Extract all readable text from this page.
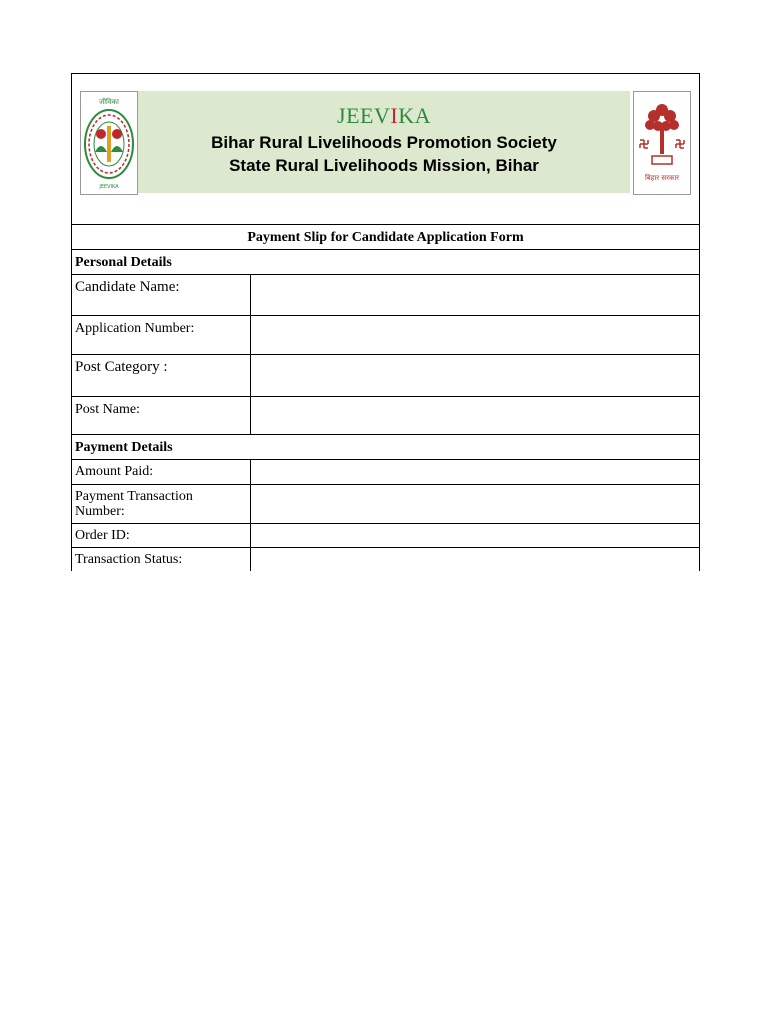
जीविका
JEEVIKA
JEEVIKA
Bihar Rural Livelihoods Promotion Society
State Rural Livelihoods Mission, Bihar
बिहार सरकार
Payment Slip for Candidate Application Form
Personal Details
Candidate Name:
Application Number:
Post Category :
Post Name:
Payment Details
Amount Paid:
Payment Transaction Number:
Order ID:
Transaction Status:
